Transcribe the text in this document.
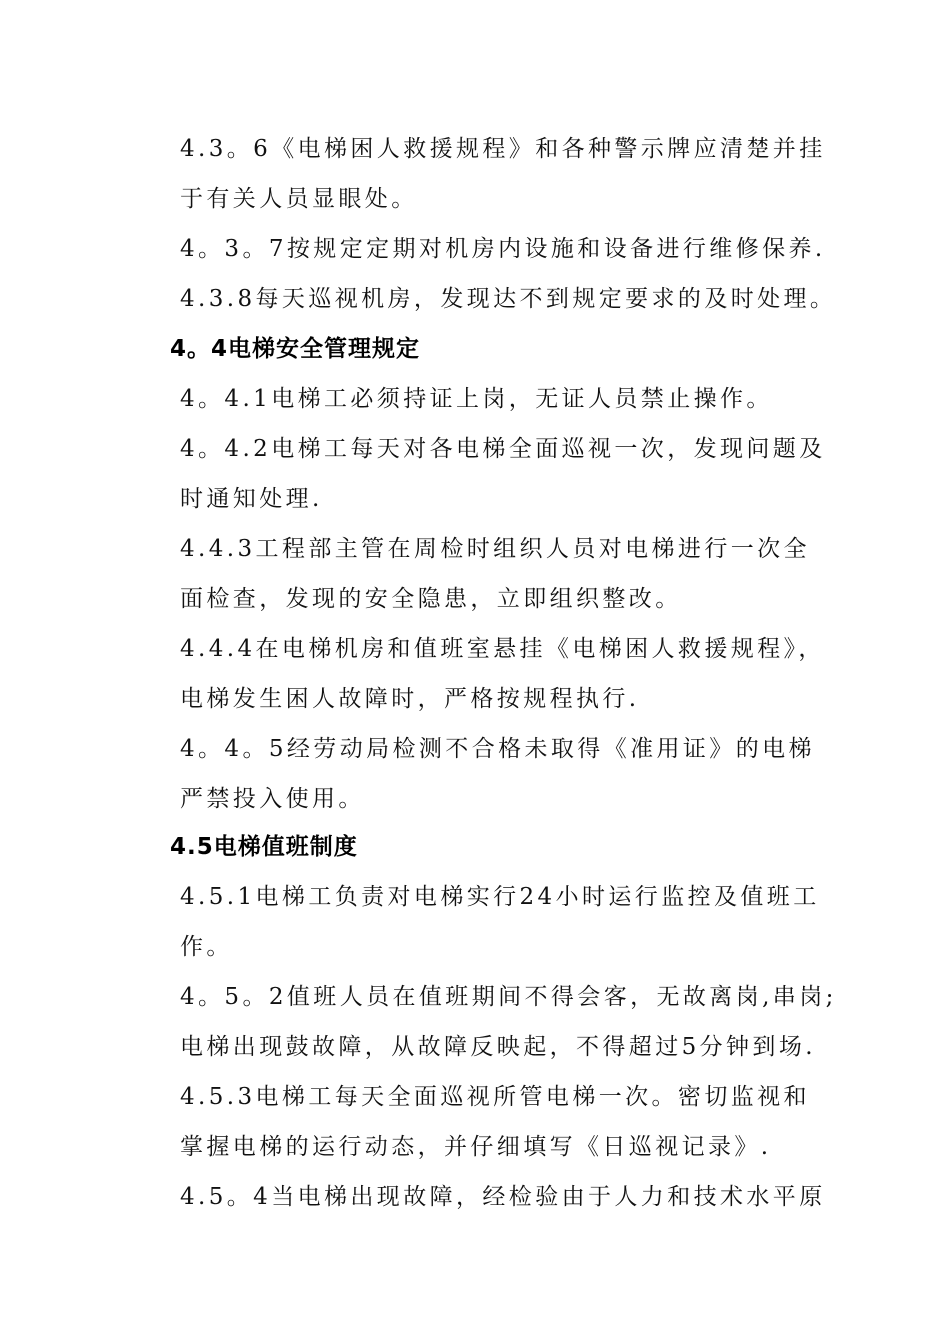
4.3。6《电梯困人救援规程》和各种警示牌应清楚并挂
于有关人员显眼处。
4。3。7按规定定期对机房内设施和设备进行维修保养.
4.3.8每天巡视机房，发现达不到规定要求的及时处理。
4。4电梯安全管理规定
4。4.1电梯工必须持证上岗，无证人员禁止操作。
4。4.2电梯工每天对各电梯全面巡视一次，发现问题及
时通知处理.
4.4.3工程部主管在周检时组织人员对电梯进行一次全
面检查，发现的安全隐患，立即组织整改。
4.4.4在电梯机房和值班室悬挂《电梯困人救援规程》，
电梯发生困人故障时，严格按规程执行.
4。4。5经劳动局检测不合格未取得《准用证》的电梯
严禁投入使用。
4.5电梯值班制度
4.5.1电梯工负责对电梯实行24小时运行监控及值班工
作。
4。5。2值班人员在值班期间不得会客，无故离岗,串岗;
电梯出现鼓故障，从故障反映起，不得超过5分钟到场.
4.5.3电梯工每天全面巡视所管电梯一次。密切监视和
掌握电梯的运行动态，并仔细填写《日巡视记录》.
4.5。4当电梯出现故障，经检验由于人力和技术水平原
